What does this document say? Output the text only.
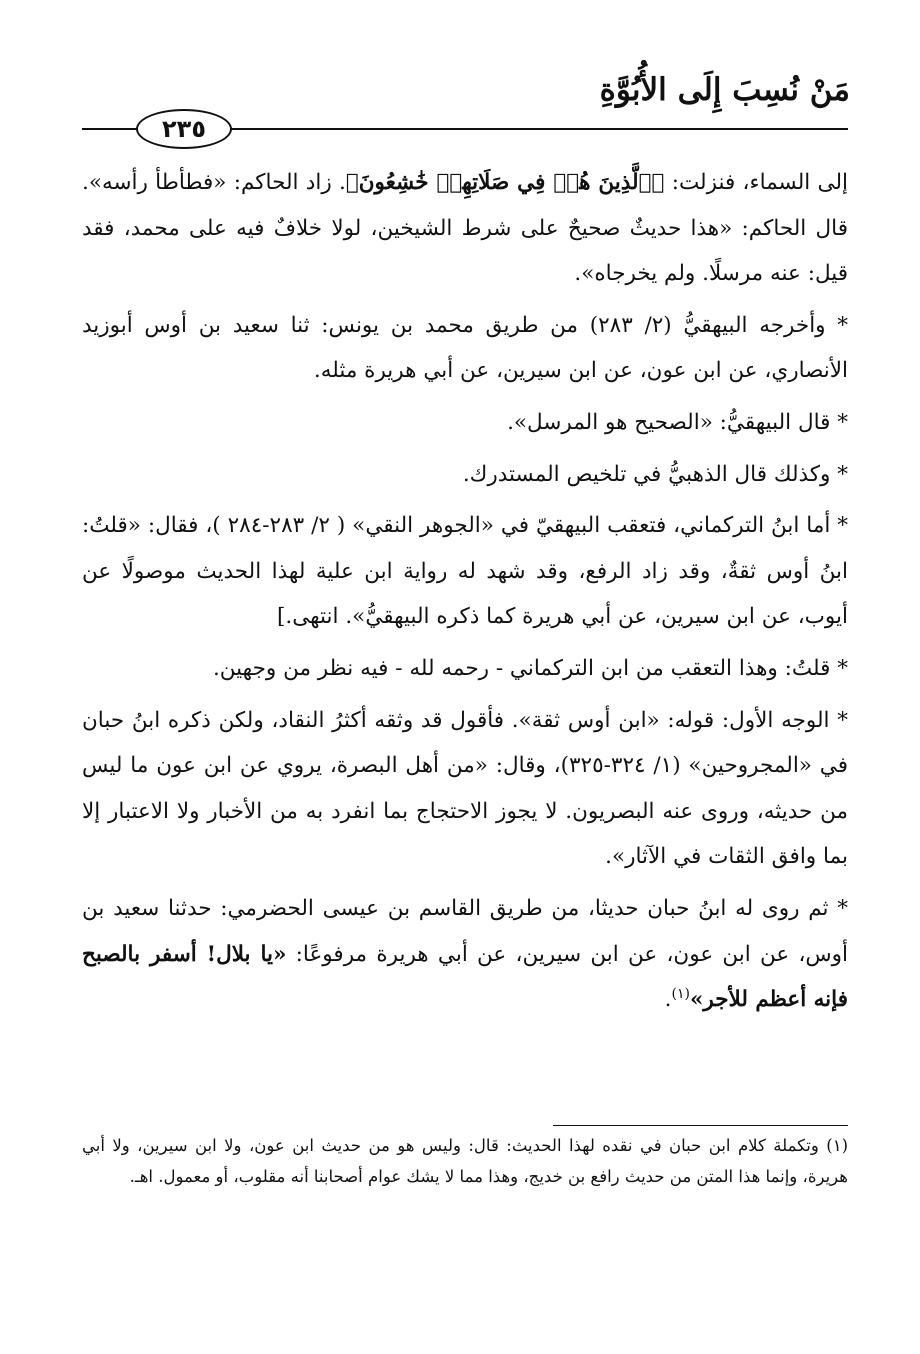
مَنْ نُسِبَ إِلَى الأُبُوَّةِ
٢٣٥

إلى السماء، فنزلت: ﴿ٱلَّذِينَ هُمۡ فِي صَلَاتِهِمۡ خَٰشِعُونَ﴾. زاد الحاكم: «فطأطأ رأسه». قال الحاكم: «هذا حديثٌ صحيحٌ على شرط الشيخين، لولا خلافٌ فيه على محمد، فقد قيل: عنه مرسلًا. ولم يخرجاه».

* وأخرجه البيهقيُّ (٢/ ٢٨٣) من طريق محمد بن يونس: ثنا سعيد بن أوس أبوزيد الأنصاري، عن ابن عون، عن ابن سيرين، عن أبي هريرة مثله.

* قال البيهقيُّ: «الصحيح هو المرسل».

* وكذلك قال الذهبيُّ في تلخيص المستدرك.

* أما ابنُ التركماني، فتعقب البيهقيّ في «الجوهر النقي» ( ٢/ ٢٨٣-٢٨٤ )، فقال: «قلتُ: ابنُ أوس ثقةٌ، وقد زاد الرفع، وقد شهد له رواية ابن علية لهذا الحديث موصولًا عن أيوب، عن ابن سيرين، عن أبي هريرة كما ذكره البيهقيُّ». انتهى.]

* قلتُ: وهذا التعقب من ابن التركماني - رحمه لله - فيه نظر من وجهين.

* الوجه الأول: قوله: «ابن أوس ثقة». فأقول قد وثقه أكثرُ النقاد، ولكن ذكره ابنُ حبان في «المجروحين» (١/ ٣٢٤-٣٢٥)، وقال: «من أهل البصرة، يروي عن ابن عون ما ليس من حديثه، وروى عنه البصريون. لا يجوز الاحتجاج بما انفرد به من الأخبار ولا الاعتبار إلا بما وافق الثقات في الآثار».

* ثم روى له ابنُ حبان حديثا، من طريق القاسم بن عيسى الحضرمي: حدثنا سعيد بن أوس، عن ابن عون، عن ابن سيرين، عن أبي هريرة مرفوعًا: «يا بلال! أسفر بالصبح فإنه أعظم للأجر»$^{(١)}$.

(١) وتكملة كلام ابن حبان في نقده لهذا الحديث: قال: وليس هو من حديث ابن عون، ولا ابن سيرين، ولا أبي هريرة، وإنما هذا المتن من حديث رافع بن خديج، وهذا مما لا يشك عوام أصحابنا أنه مقلوب، أو معمول. اهـ.
